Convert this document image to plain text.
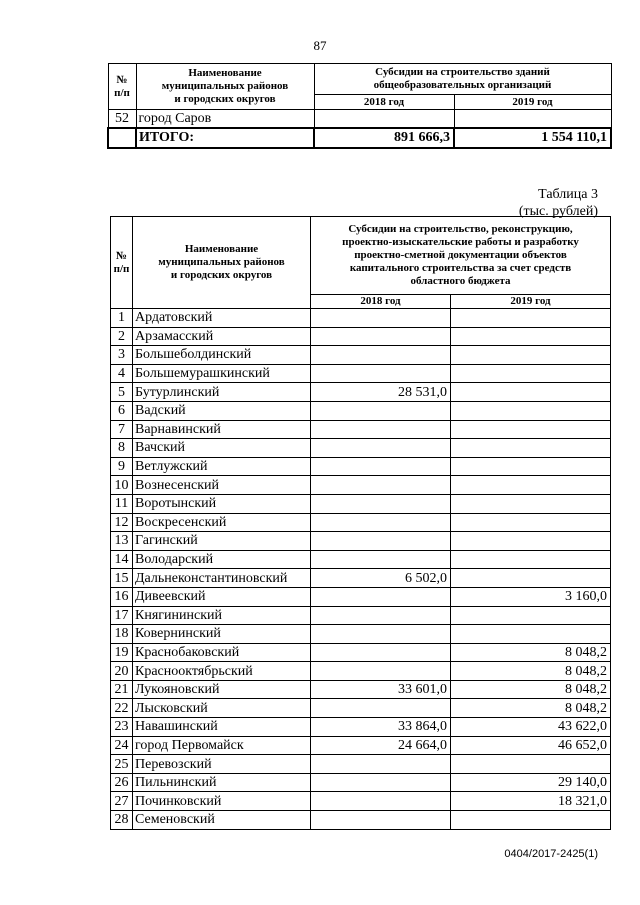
87
№
п/п	Наименование
муниципальных районов
и городских округов	Субсидии на строительство зданий
общеобразовательных организаций	
		2018 год	2019 год
52	город Саров		
	ИТОГО:	891 666,3	1 554 110,1
Таблица 3
(тыс. рублей)
№
п/п	Наименование
муниципальных районов
и городских округов	Субсидии на строительство, реконструкцию,
проектно-изыскательские работы и разработку
проектно-сметной документации объектов
капитального строительства за счет средств
областного бюджета	
		2018 год	2019 год
1	Ардатовский		
2	Арзамасский		
3	Большеболдинский		
4	Большемурашкинский		
5	Бутурлинский	28 531,0	
6	Вадский		
7	Варнавинский		
8	Вачский		
9	Ветлужский		
10	Вознесенский		
11	Воротынский		
12	Воскресенский		
13	Гагинский		
14	Володарский		
15	Дальнеконстантиновский	6 502,0	
16	Дивеевский		3 160,0
17	Княгининский		
18	Ковернинский		
19	Краснобаковский		8 048,2
20	Краснооктябрьский		8 048,2
21	Лукояновский	33 601,0	8 048,2
22	Лысковский		8 048,2
23	Навашинский	33 864,0	43 622,0
24	город Первомайск	24 664,0	46 652,0
25	Перевозский		
26	Пильнинский		29 140,0
27	Починковский		18 321,0
28	Семеновский		
0404/2017-2425(1)
